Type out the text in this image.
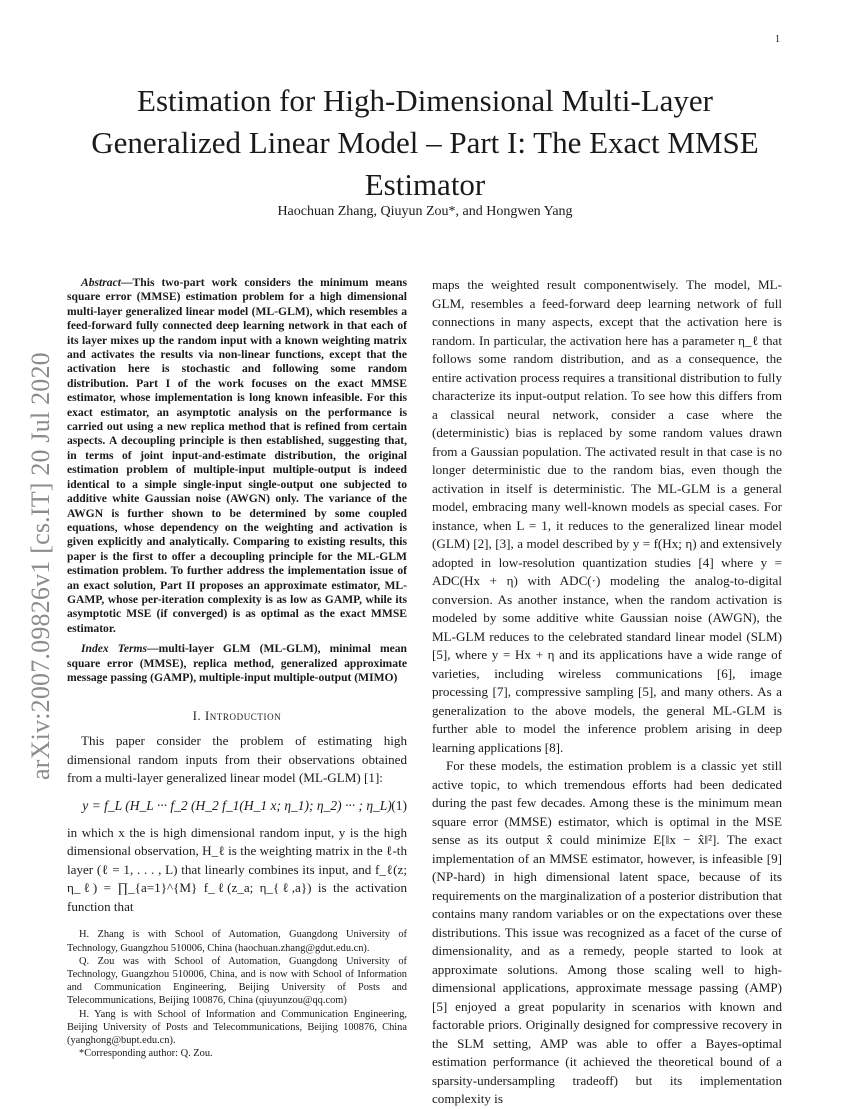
1
arXiv:2007.09826v1 [cs.IT] 20 Jul 2020
Estimation for High-Dimensional Multi-Layer Generalized Linear Model – Part I: The Exact MMSE Estimator
Haochuan Zhang, Qiuyun Zou*, and Hongwen Yang

Abstract—This two-part work considers the minimum means square error (MMSE) estimation problem for a high dimensional multi-layer generalized linear model (ML-GLM), which resembles a feed-forward fully connected deep learning network in that each of its layer mixes up the random input with a known weighting matrix and activates the results via non-linear functions, except that the activation here is stochastic and following some random distribution. Part I of the work focuses on the exact MMSE estimator, whose implementation is long known infeasible. For this exact estimator, an asymptotic analysis on the performance is carried out using a new replica method that is refined from certain aspects. A decoupling principle is then established, suggesting that, in terms of joint input-and-estimate distribution, the original estimation problem of multiple-input multiple-output is indeed identical to a simple single-input single-output one subjected to additive white Gaussian noise (AWGN) only. The variance of the AWGN is further shown to be determined by some coupled equations, whose dependency on the weighting and activation is given explicitly and analytically. Comparing to existing results, this paper is the first to offer a decoupling principle for the ML-GLM estimation problem. To further address the implementation issue of an exact solution, Part II proposes an approximate estimator, ML-GAMP, whose per-iteration complexity is as low as GAMP, while its asymptotic MSE (if converged) is as optimal as the exact MMSE estimator.

Index Terms—multi-layer GLM (ML-GLM), minimal mean square error (MMSE), replica method, generalized approximate message passing (GAMP), multiple-input multiple-output (MIMO)

I. Introduction

This paper consider the problem of estimating high dimensional random inputs from their observations obtained from a multi-layer generalized linear model (ML-GLM) [1]:

y = f_L (H_L ··· f_2 (H_2 f_1(H_1 x; η_1); η_2) ··· ; η_L) (1)

in which x the is high dimensional random input, y is the high dimensional observation, H_ℓ is the weighting matrix in the ℓ-th layer (ℓ = 1, . . . , L) that linearly combines its input, and f_ℓ(z; η_ℓ) = ∏_{a=1}^{M} f_ℓ(z_a; η_{ℓ,a}) is the activation function that

H. Zhang is with School of Automation, Guangdong University of Technology, Guangzhou 510006, China (haochuan.zhang@gdut.edu.cn).

Q. Zou was with School of Automation, Guangdong University of Technology, Guangzhou 510006, China, and is now with School of Information and Communication Engineering, Beijing University of Posts and Telecommunications, Beijing 100876, China (qiuyunzou@qq.com)

H. Yang is with School of Information and Communication Engineering, Beijing University of Posts and Telecommunications, Beijing 100876, China (yanghong@bupt.edu.cn).

*Corresponding author: Q. Zou.

maps the weighted result componentwisely. The model, ML-GLM, resembles a feed-forward deep learning network of full connections in many aspects, except that the activation here is random. In particular, the activation here has a parameter η_ℓ that follows some random distribution, and as a consequence, the entire activation process requires a transitional distribution to fully characterize its input-output relation. To see how this differs from a classical neural network, consider a case where the (deterministic) bias is replaced by some random values drawn from a Gaussian population. The activated result in that case is no longer deterministic due to the random bias, even though the activation in itself is deterministic. The ML-GLM is a general model, embracing many well-known models as special cases. For instance, when L = 1, it reduces to the generalized linear model (GLM) [2], [3], a model described by y = f(Hx; η) and extensively adopted in low-resolution quantization studies [4] where y = ADC(Hx + η) with ADC(·) modeling the analog-to-digital conversion. As another instance, when the random activation is modeled by some additive white Gaussian noise (AWGN), the ML-GLM reduces to the celebrated standard linear model (SLM) [5], where y = Hx + η and its applications have a wide range of varieties, including wireless communications [6], image processing [7], compressive sampling [5], and many others. As a generalization to the above models, the general ML-GLM is further able to model the inference problem arising in deep learning applications [8].

For these models, the estimation problem is a classic yet still active topic, to which tremendous efforts had been dedicated during the past few decades. Among these is the minimum mean square error (MMSE) estimator, which is optimal in the MSE sense as its output x̂ could minimize E[‖x − x̂‖²]. The exact implementation of an MMSE estimator, however, is infeasible [9] (NP-hard) in high dimensional latent space, because of its requirements on the marginalization of a posterior distribution that contains many random variables or on the expectations over these distributions. This issue was recognized as a facet of the curse of dimensionality, and as a remedy, people started to look at approximate solutions. Among those scaling well to high-dimensional applications, approximate message passing (AMP) [5] enjoyed a great popularity in scenarios with known and factorable priors. Originally designed for compressive recovery in the SLM setting, AMP was able to offer a Bayes-optimal estimation performance (it achieved the theoretical bound of a sparsity-undersampling tradeoff) but its implementation complexity is
